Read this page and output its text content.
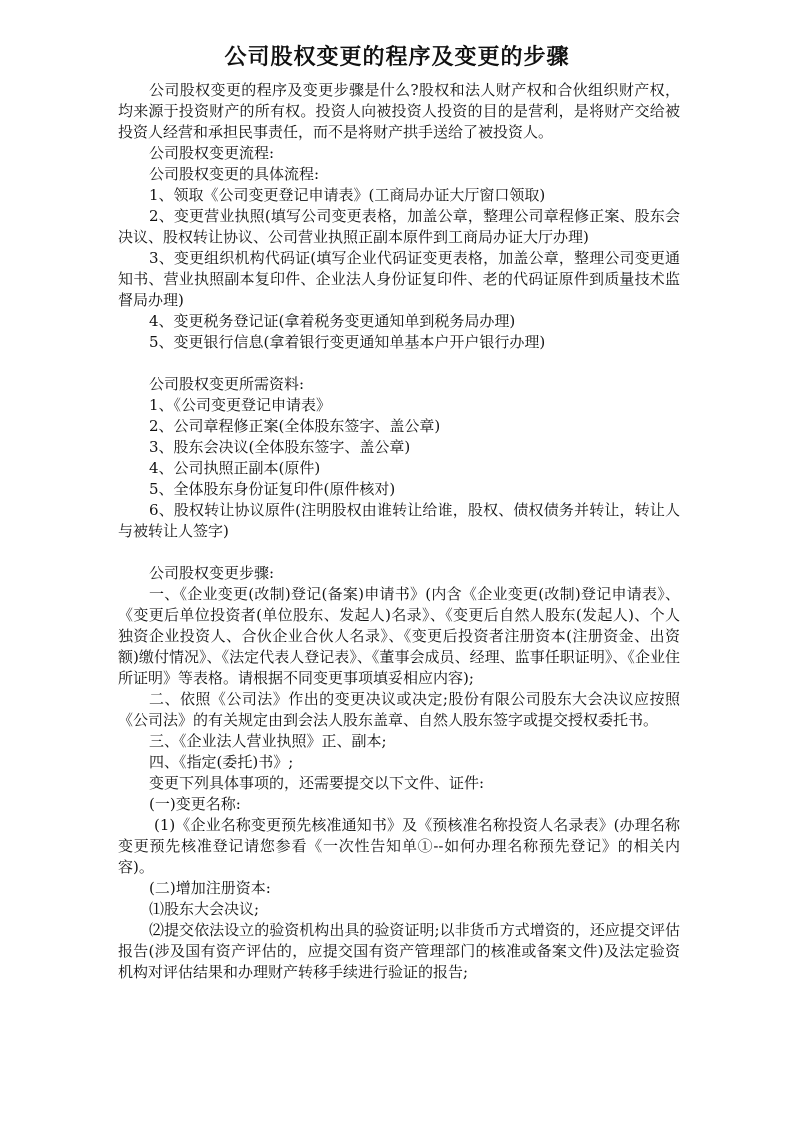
公司股权变更的程序及变更的步骤

公司股权变更的程序及变更步骤是什么?股权和法人财产权和合伙组织财产权，均来源于投资财产的所有权。投资人向被投资人投资的目的是营利，是将财产交给被投资人经营和承担民事责任，而不是将财产拱手送给了被投资人。

公司股权变更流程:

公司股权变更的具体流程:

1、领取《公司变更登记申请表》(工商局办证大厅窗口领取)

2、变更营业执照(填写公司变更表格，加盖公章，整理公司章程修正案、股东会决议、股权转让协议、公司营业执照正副本原件到工商局办证大厅办理)

3、变更组织机构代码证(填写企业代码证变更表格，加盖公章，整理公司变更通知书、营业执照副本复印件、企业法人身份证复印件、老的代码证原件到质量技术监督局办理)

4、变更税务登记证(拿着税务变更通知单到税务局办理)

5、变更银行信息(拿着银行变更通知单基本户开户银行办理)

公司股权变更所需资料:

1、《公司变更登记申请表》

2、公司章程修正案(全体股东签字、盖公章)

3、股东会决议(全体股东签字、盖公章)

4、公司执照正副本(原件)

5、全体股东身份证复印件(原件核对)

6、股权转让协议原件(注明股权由谁转让给谁，股权、债权债务并转让，转让人与被转让人签字)

公司股权变更步骤:

一、《企业变更(改制)登记(备案)申请书》(内含《企业变更(改制)登记申请表》、《变更后单位投资者(单位股东、发起人)名录》、《变更后自然人股东(发起人)、个人独资企业投资人、合伙企业合伙人名录》、《变更后投资者注册资本(注册资金、出资额)缴付情况》、《法定代表人登记表》、《董事会成员、经理、监事任职证明》、《企业住所证明》等表格。请根据不同变更事项填妥相应内容);

二、依照《公司法》作出的变更决议或决定;股份有限公司股东大会决议应按照《公司法》的有关规定由到会法人股东盖章、自然人股东签字或提交授权委托书。

三、《企业法人营业执照》正、副本;

四、《指定(委托)书》;

变更下列具体事项的，还需要提交以下文件、证件:

(一)变更名称:

(1)《企业名称变更预先核准通知书》及《预核准名称投资人名录表》(办理名称变更预先核准登记请您参看《一次性告知单①--如何办理名称预先登记》的相关内容)。

(二)增加注册资本:

⑴股东大会决议;

⑵提交依法设立的验资机构出具的验资证明;以非货币方式增资的，还应提交评估报告(涉及国有资产评估的，应提交国有资产管理部门的核准或备案文件)及法定验资机构对评估结果和办理财产转移手续进行验证的报告;
